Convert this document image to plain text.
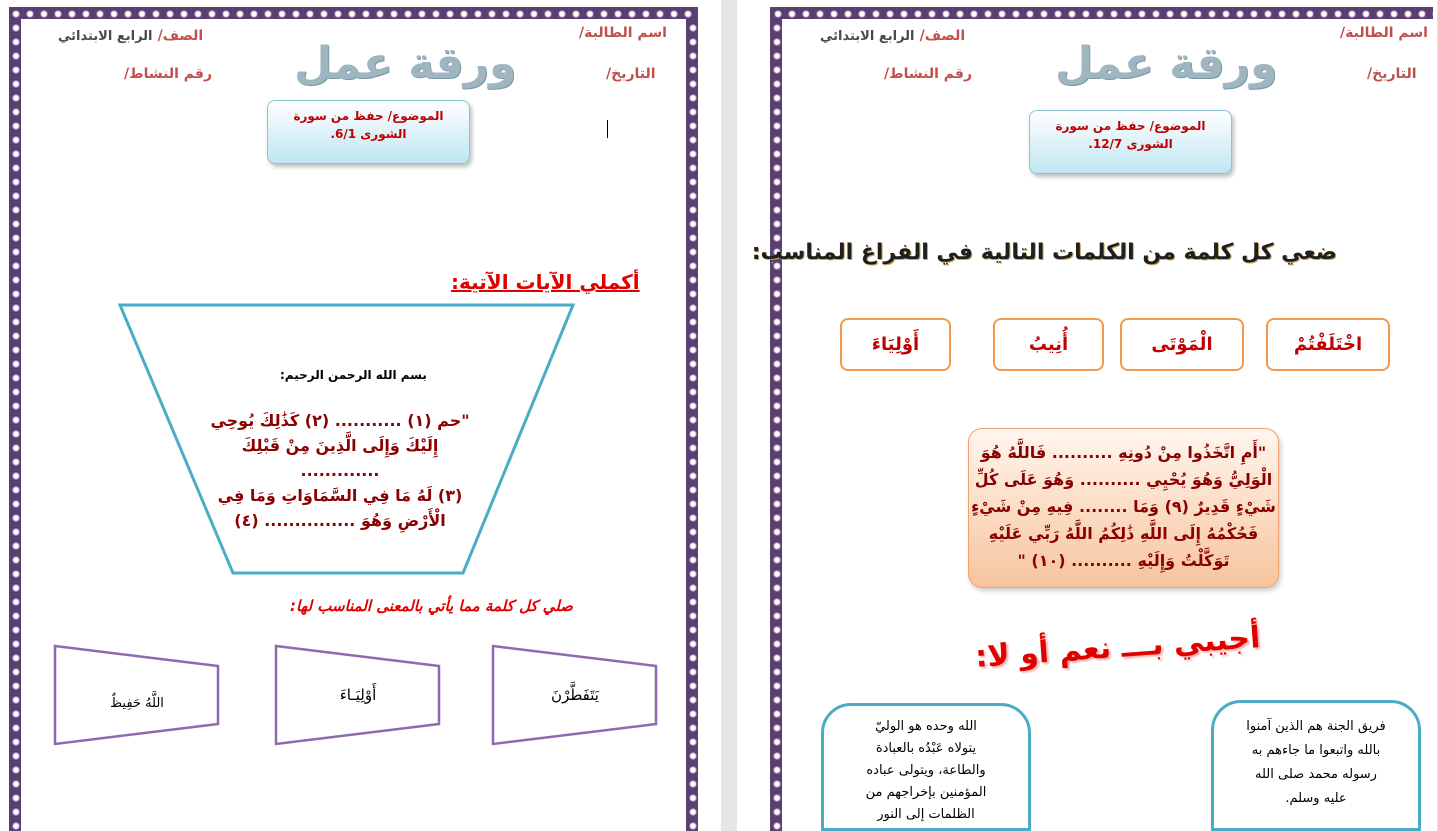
اسم الطالبة/
الصف/ الرابع الابتدائي
التاريخ/
رقم النشاط/ ورقة عمل
الموضوع/ حفظ من سورة
الشورى 6/1.
أكملي الآيات الآتية:
بسم الله الرحمن الرحيم:
"حم (١) ........... (٢) كَذَٰلِكَ يُوحِي
إِلَيْكَ وَإِلَى الَّذِينَ مِنْ قَبْلِكَ .............
(٣) لَهُ مَا فِي السَّمَاوَاتِ وَمَا فِي
الْأَرْضِ وَهُوَ ............... (٤)
صلي كل كلمة مما يأتي بالمعنى المناسب لها:
يَتَفَطَّرْنَ
أَوْلِيَـاءَ
اللَّهُ حَفِيظٌ
اسم الطالبة/
الصف/ الرابع الابتدائي
التاريخ/
رقم النشاط/ ورقة عمل
الموضوع/ حفظ من سورة
الشورى 12/7.
ضعي كل كلمة من الكلمات التالية في الفراغ المناسب:
اخْتَلَفْتُمْ
الْمَوْتَى
أُنِيبُ
أَوْلِيَاءَ
"أَمِ اتَّخَذُوا مِنْ دُونِهِ .......... فَاللَّهُ هُوَ
الْوَلِيُّ وَهُوَ يُحْيِي .......... وَهُوَ عَلَى كُلِّ
شَيْءٍ قَدِيرٌ (٩) وَمَا ........ فِيهِ مِنْ شَيْءٍ
فَحُكْمُهُ إِلَى اللَّهِ ذَٰلِكُمُ اللَّهُ رَبِّي عَلَيْهِ
تَوَكَّلْتُ وَإِلَيْهِ .......... (١٠) "
أجيبي بـــ نعم أو لا:
فريق الجنة هم الذين آمنوا
بالله واتبعوا ما جاءهم به
رسوله محمد صلى الله
عليه وسلم.
الله وحده هو الوليّ
يتولاه عَبْدُه بالعبادة
والطاعة، ويتولى عباده
المؤمنين بإخراجهم من
الظلمات إلى النور
